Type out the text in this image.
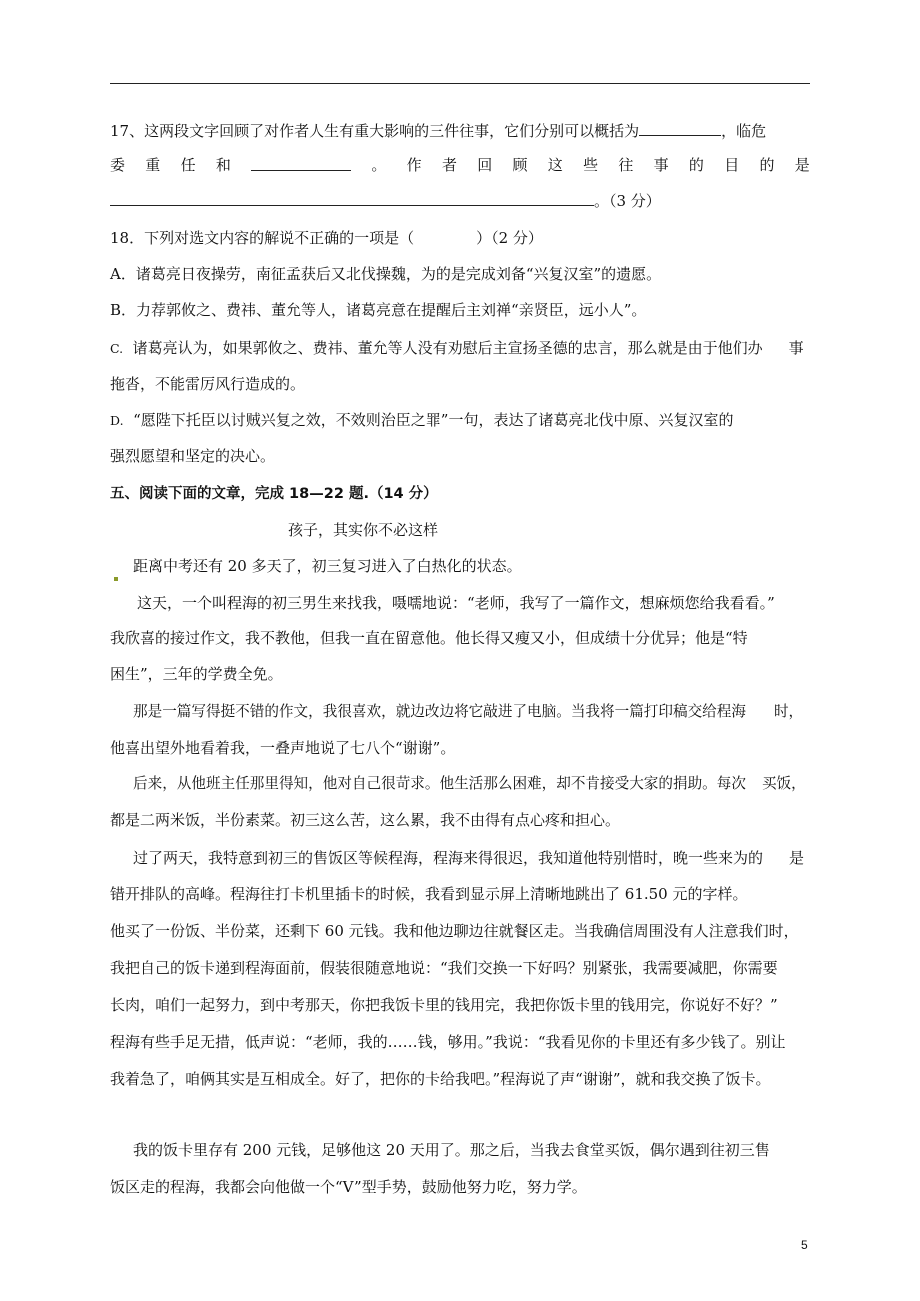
17、这两段文字回顾了对作者人生有重大影响的三件往事，它们分别可以概括为	，临危
委 重 任 和	。 作 者 回 顾 这 些 往 事 的 目 的 是
。（3 分）
18．下列对选文内容的解说不正确的一项是（	）（2 分）
A．诸葛亮日夜操劳，南征孟获后又北伐操魏，为的是完成刘备“兴复汉室”的遗愿。
B．力荐郭攸之、费祎、董允等人，诸葛亮意在提醒后主刘禅“亲贤臣，远小人”。
C. 诸葛亮认为，如果郭攸之、费祎、董允等人没有劝慰后主宣扬圣德的忠言，那么就是由于他们办 事
拖沓，不能雷厉风行造成的。
D. “愿陛下托臣以讨贼兴复之效，不效则治臣之罪”一句，表达了诸葛亮北伐中原、兴复汉室的
强烈愿望和坚定的决心。
五、阅读下面的文章，完成 18—22 题.（14 分）
孩子，其实你不必这样
距离中考还有 20 多天了，初三复习进入了白热化的状态。
这天，一个叫程海的初三男生来找我，嗫嚅地说：“老师，我写了一篇作文，想麻烦您给我看看。”
我欣喜的接过作文，我不教他，但我一直在留意他。他长得又瘦又小，但成绩十分优异；他是“特
困生”，三年的学费全免。
那是一篇写得挺不错的作文，我很喜欢，就边改边将它敲进了电脑。当我将一篇打印稿交给程海 时，
他喜出望外地看着我，一叠声地说了七八个“谢谢”。
后来，从他班主任那里得知，他对自己很苛求。他生活那么困难，却不肯接受大家的捐助。每次 买饭，
都是二两米饭，半份素菜。初三这么苦，这么累，我不由得有点心疼和担心。
过了两天，我特意到初三的售饭区等候程海，程海来得很迟，我知道他特别惜时，晚一些来为的 是
错开排队的高峰。程海往打卡机里插卡的时候，我看到显示屏上清晰地跳出了 61.50 元的字样。
他买了一份饭、半份菜，还剩下 60 元钱。我和他边聊边往就餐区走。当我确信周围没有人注意我们时，
我把自己的饭卡递到程海面前，假装很随意地说：“我们交换一下好吗？别紧张，我需要减肥，你需要
长肉，咱们一起努力，到中考那天，你把我饭卡里的钱用完，我把你饭卡里的钱用完，你说好不好？”
程海有些手足无措，低声说：“老师，我的……钱，够用。”我说：“我看见你的卡里还有多少钱了。别让
我着急了，咱俩其实是互相成全。好了，把你的卡给我吧。”程海说了声“谢谢”，就和我交换了饭卡。
我的饭卡里存有 200 元钱，足够他这 20 天用了。那之后，当我去食堂买饭，偶尔遇到往初三售
饭区走的程海，我都会向他做一个“V”型手势，鼓励他努力吃，努力学。
5
